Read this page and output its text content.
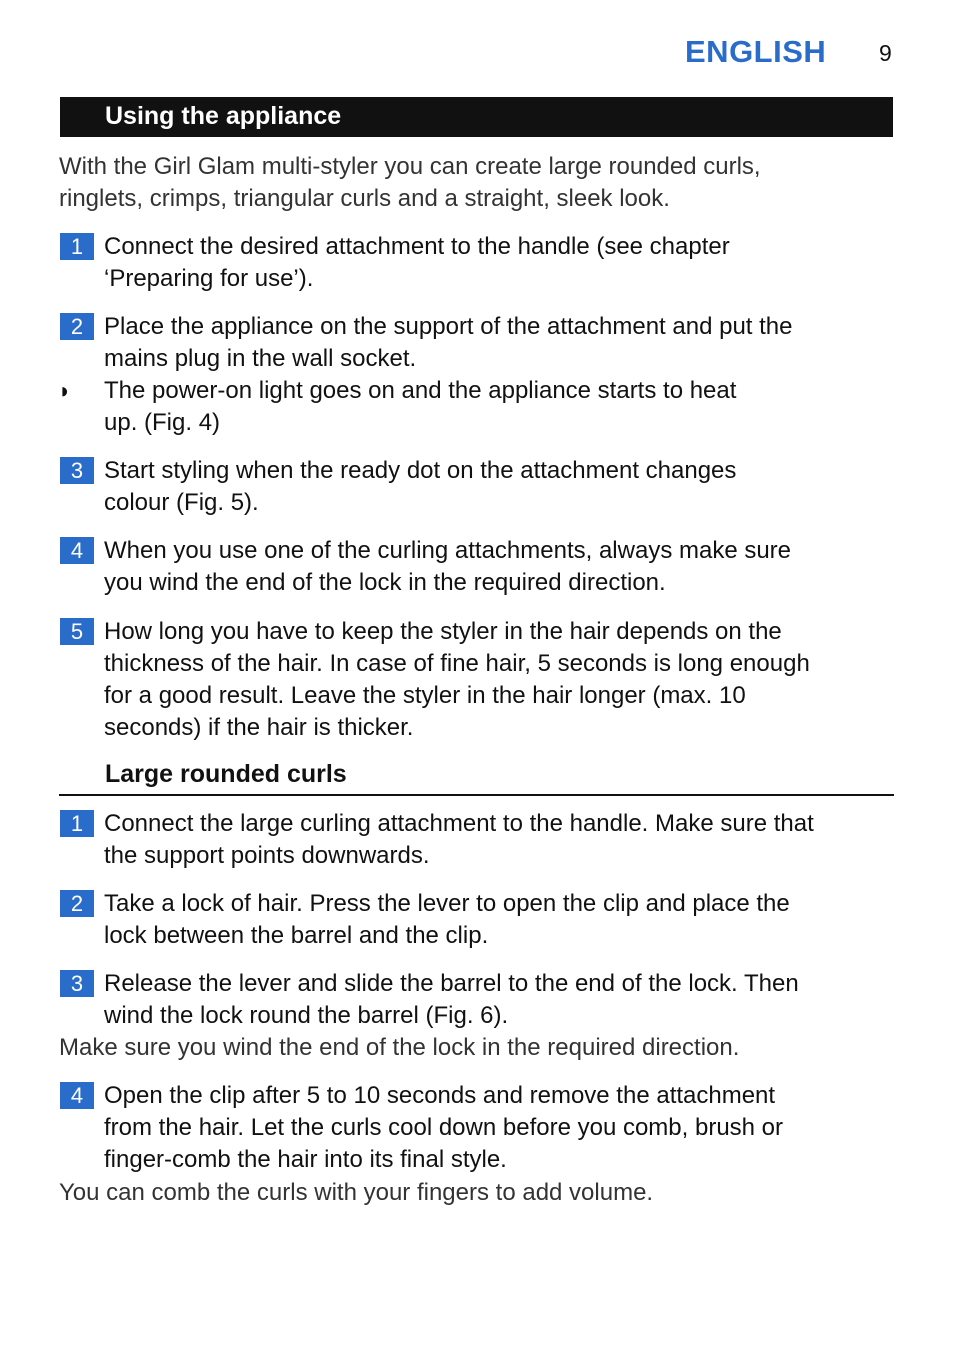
ENGLISH 9
Using the appliance
With the Girl Glam multi-styler you can create large rounded curls,
ringlets, crimps, triangular curls and a straight, sleek look.
1 Connect the desired attachment to the handle (see chapter
‘Preparing for use’).
2 Place the appliance on the support of the attachment and put the
mains plug in the wall socket.
◗ The power-on light goes on and the appliance starts to heat
up. (Fig. 4)
3 Start styling when the ready dot on the attachment changes
colour (Fig. 5).
4 When you use one of the curling attachments, always make sure
you wind the end of the lock in the required direction.
5 How long you have to keep the styler in the hair depends on the
thickness of the hair. In case of fine hair, 5 seconds is long enough
for a good result. Leave the styler in the hair longer (max. 10
seconds) if the hair is thicker.
Large rounded curls
1 Connect the large curling attachment to the handle. Make sure that
the support points downwards.
2 Take a lock of hair. Press the lever to open the clip and place the
lock between the barrel and the clip.
3 Release the lever and slide the barrel to the end of the lock. Then
wind the lock round the barrel (Fig. 6).
Make sure you wind the end of the lock in the required direction.
4 Open the clip after 5 to 10 seconds and remove the attachment
from the hair. Let the curls cool down before you comb, brush or
finger-comb the hair into its final style.
You can comb the curls with your fingers to add volume.
